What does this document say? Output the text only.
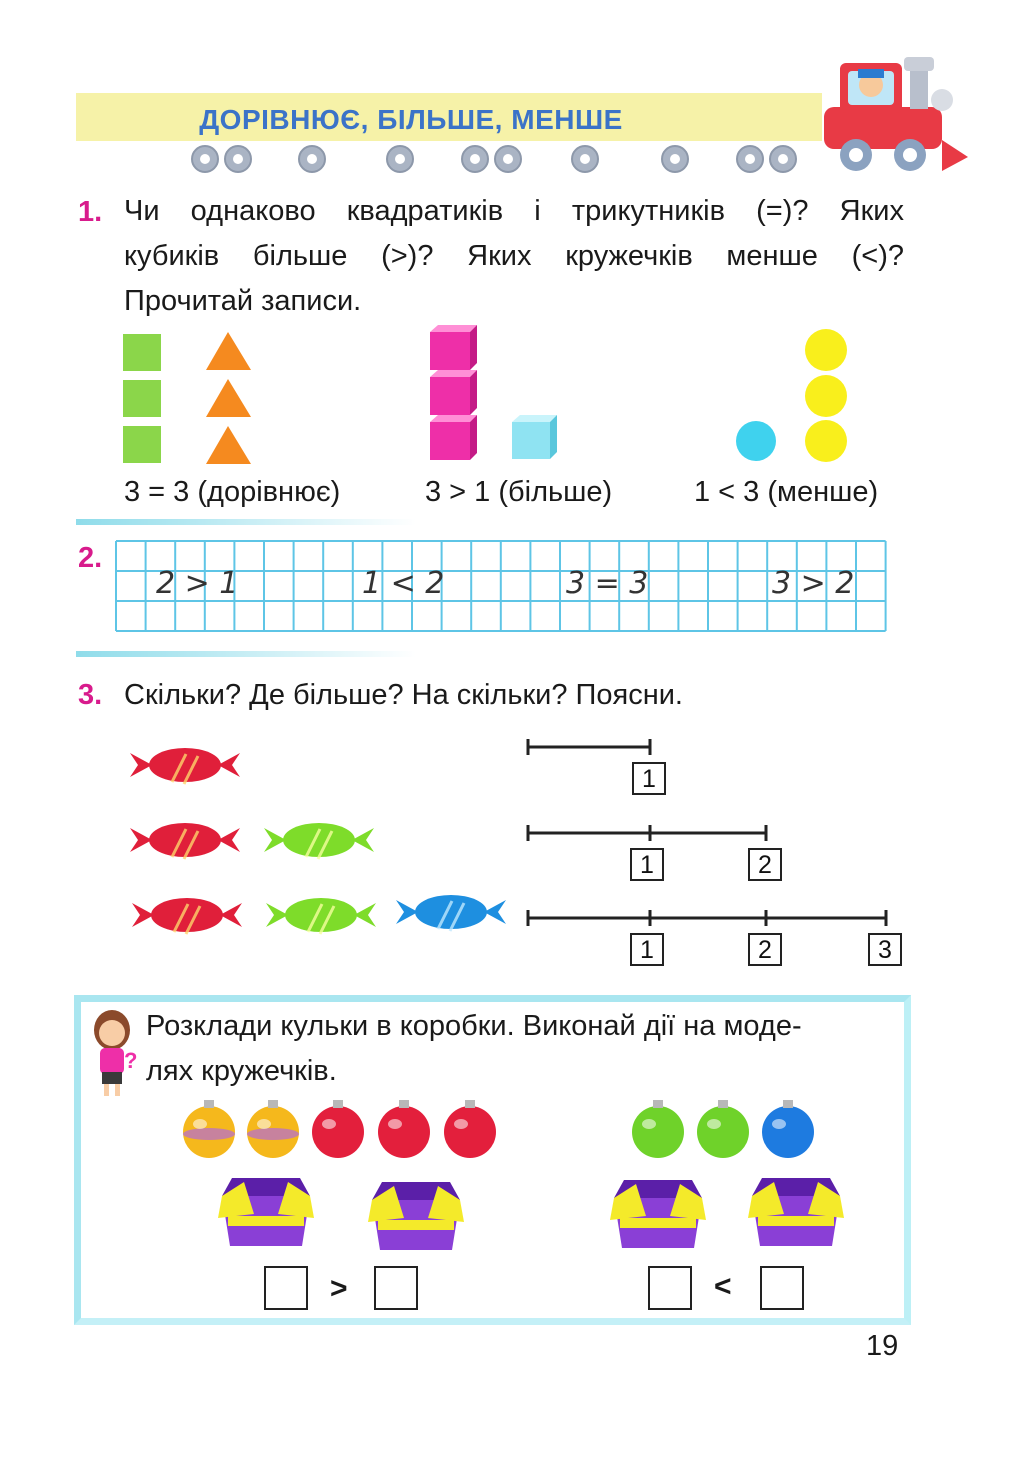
ДОРІВНЮЄ, БІЛЬШЕ, МЕНШЕ
1. Чи однаково квадратиків і трикутників (=)? Яких
кубиків більше (>)? Яких кружечків менше (<)?
Прочитай записи.
3 = 3 (дорівнює)	3 > 1 (більше)	1 < 3 (менше)
2.
2 > 1	1 < 2	3 = 3	3 > 2
3. Скільки? Де більше? На скільки? Поясни.
1
1	2
1	2	3
?
Розклади кульки в коробки. Виконай дії на моде-
лях кружечків.
>	<
19
